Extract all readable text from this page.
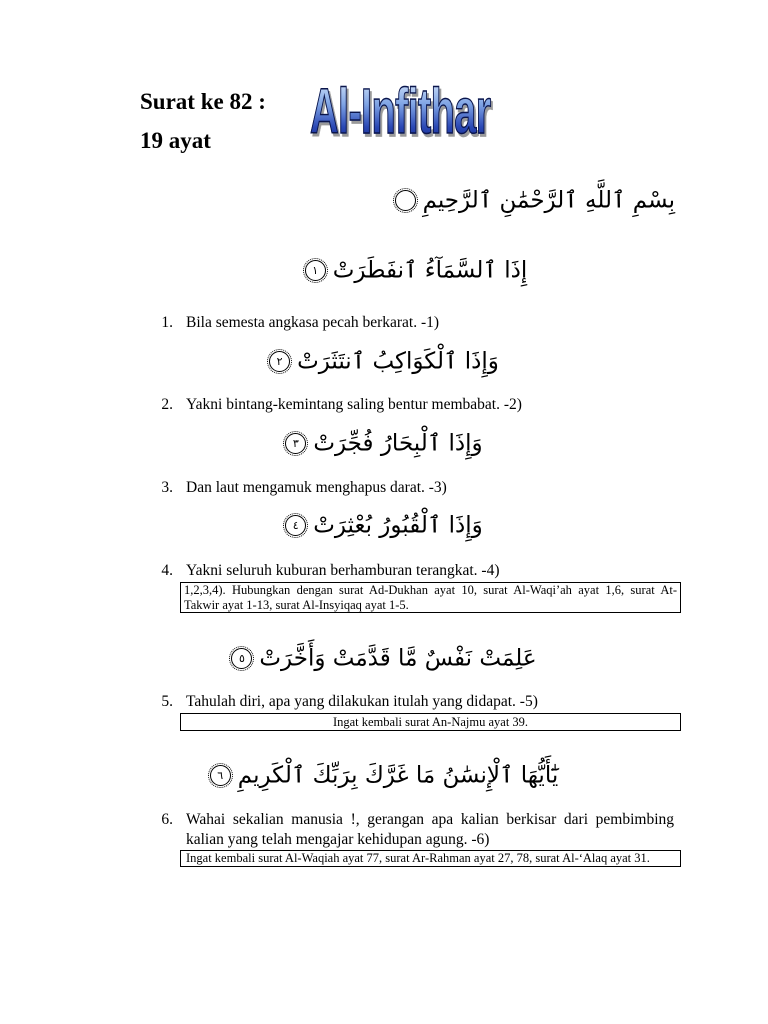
Surat ke 82 :
19 ayat Al-Infithar
بِسْمِ ٱللَّهِ ٱلرَّحْمَٰنِ ٱلرَّحِيمِ
إِذَا ٱلسَّمَآءُ ٱنفَطَرَتْ١
1. Bila semesta angkasa pecah berkarat. -1)
وَإِذَا ٱلْكَوَاكِبُ ٱنتَثَرَتْ٢
2. Yakni bintang-kemintang saling bentur membabat. -2)
وَإِذَا ٱلْبِحَارُ فُجِّرَتْ٣
3. Dan laut mengamuk menghapus darat. -3)
وَإِذَا ٱلْقُبُورُ بُعْثِرَتْ٤
4. Yakni seluruh kuburan berhamburan terangkat. -4)
1,2,3,4). Hubungkan dengan surat Ad-Dukhan ayat 10, surat Al-Waqi’ah ayat 1,6, surat At-
Takwir ayat 1-13, surat Al-Insyiqaq ayat 1-5.
عَلِمَتْ نَفْسٌ مَّا قَدَّمَتْ وَأَخَّرَتْ٥
5. Tahulah diri, apa yang dilakukan itulah yang didapat. -5)
Ingat kembali surat An-Najmu ayat 39.
يَٰٓأَيُّهَا ٱلْإِنسَٰنُ مَا غَرَّكَ بِرَبِّكَ ٱلْكَرِيمِ٦
6. Wahai sekalian manusia !, gerangan apa kalian berkisar dari pembimbing
kalian yang telah mengajar kehidupan agung. -6)
Ingat kembali surat Al-Waqiah ayat 77, surat Ar-Rahman ayat 27, 78, surat Al-‘Alaq ayat 31.
